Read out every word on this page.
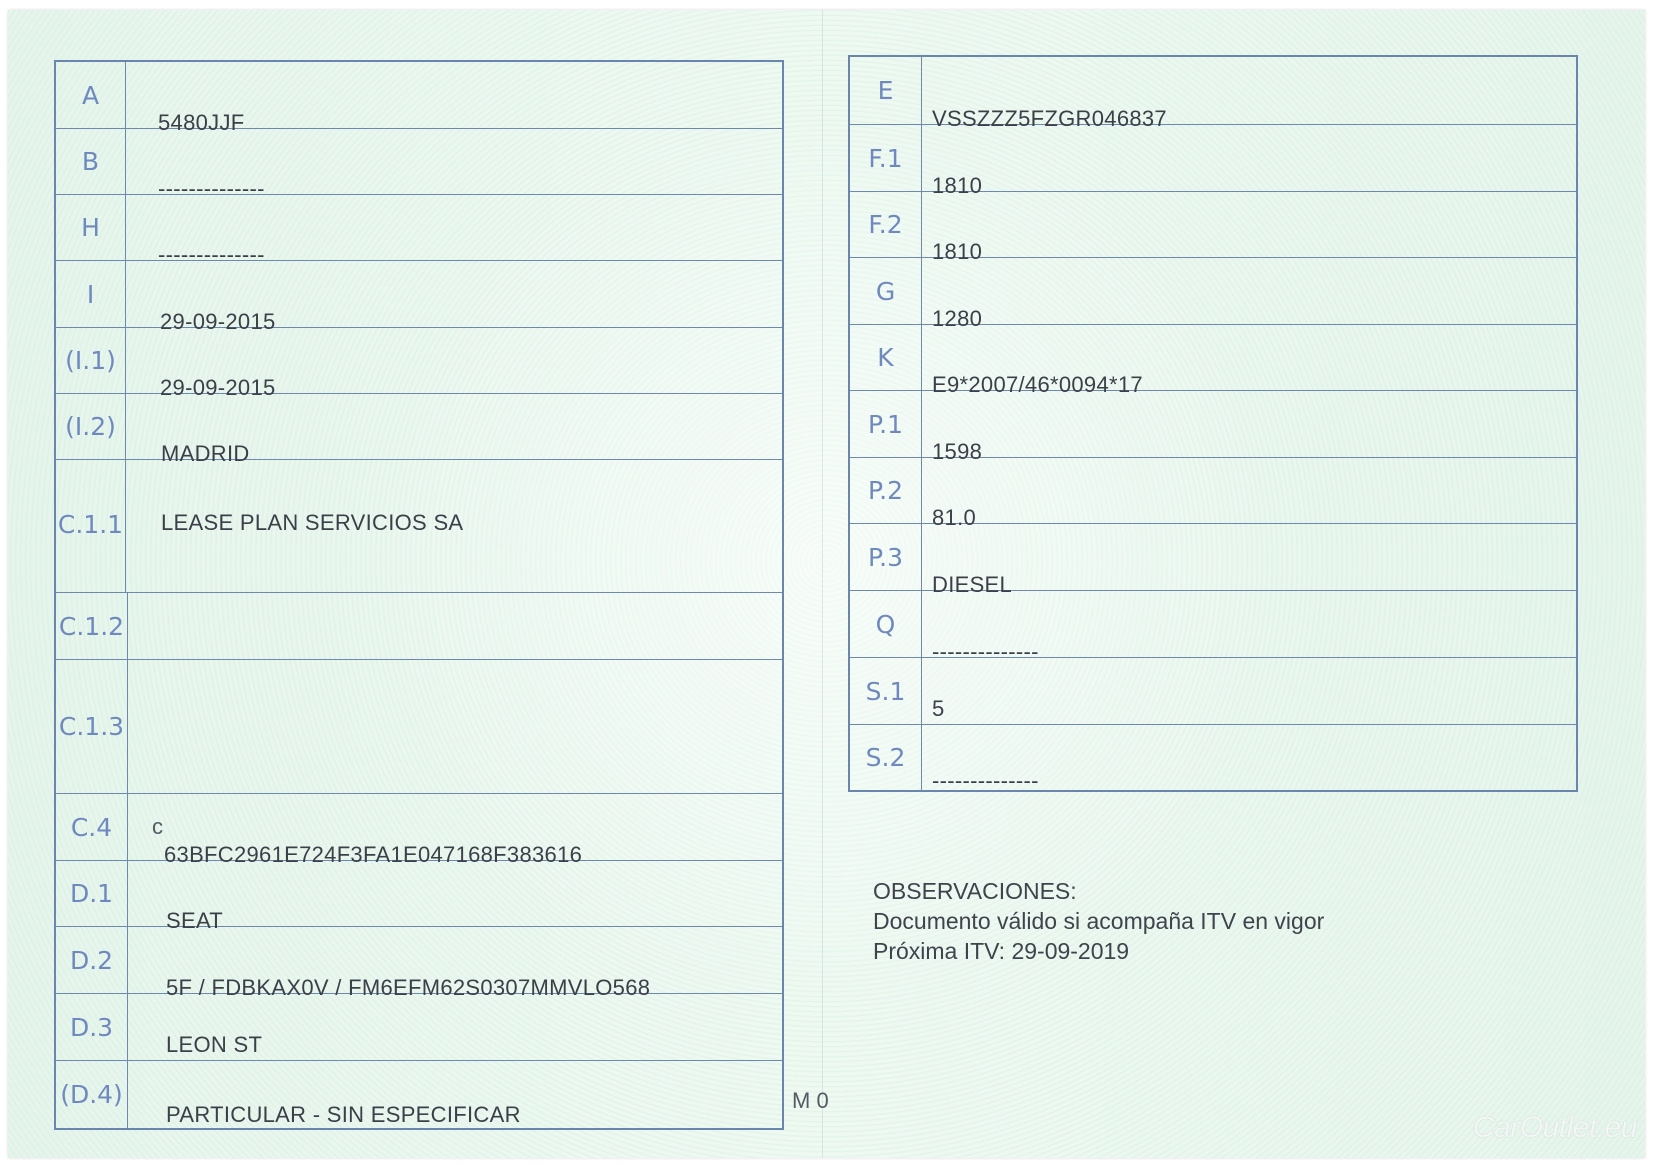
A
5480JJF
B
--------------
H
--------------
I
29-09-2015
(I.1)
29-09-2015
(I.2)
MADRID
C.1.1 LEASE PLAN SERVICIOS SA
C.1.2
C.1.3
C.4	c
63BFC2961E724F3FA1E047168F383616
D.1
SEAT
D.2
5F / FDBKAX0V / FM6EFM62S0307MMVLO568
D.3
LEON ST
(D.4)
PARTICULAR - SIN ESPECIFICAR
E
VSSZZZ5FZGR046837
F.1
1810
F.2
1810
G
1280
K
E9*2007/46*0094*17
P.1
1598
P.2
81.0
P.3
DIESEL
Q
--------------
S.1
5
S.2
--------------
OBSERVACIONES:
Documento válido si acompaña ITV en vigor
Próxima ITV: 29-09-2019
M 0
CarOutlet.eu
